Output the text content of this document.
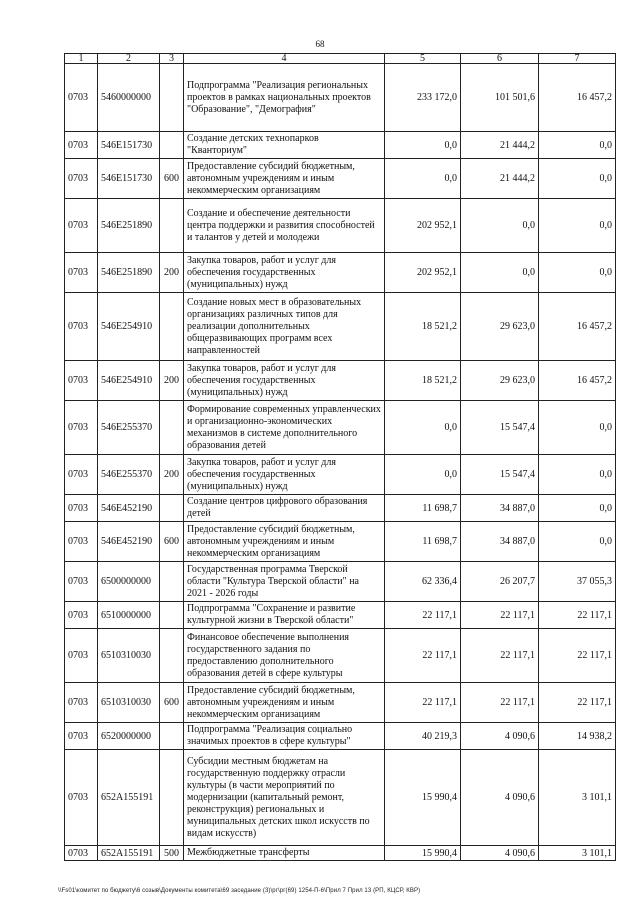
68
1	2	3	4	5	6	7
0703	5460000000		Подпрограмма "Реализация региональных проектов в рамках национальных проектов "Образование", "Демография"	233 172,0	101 501,6	16 457,2
0703	546E151730		Создание детских технопарков "Кванториум"	0,0	21 444,2	0,0
0703	546E151730	600	Предоставление субсидий бюджетным, автономным учреждениям и иным некоммерческим организациям	0,0	21 444,2	0,0
0703	546E251890		Создание и обеспечение деятельности центра поддержки и развития способностей и талантов у детей и молодежи	202 952,1	0,0	0,0
0703	546E251890	200	Закупка товаров, работ и услуг для обеспечения государственных (муниципальных) нужд	202 952,1	0,0	0,0
0703	546E254910		Создание новых мест в образовательных организациях различных типов для реализации дополнительных общеразвивающих программ всех направленностей	18 521,2	29 623,0	16 457,2
0703	546E254910	200	Закупка товаров, работ и услуг для обеспечения государственных (муниципальных) нужд	18 521,2	29 623,0	16 457,2
0703	546E255370		Формирование современных управленческих и организационно-экономических механизмов в системе дополнительного образования детей	0,0	15 547,4	0,0
0703	546E255370	200	Закупка товаров, работ и услуг для обеспечения государственных (муниципальных) нужд	0,0	15 547,4	0,0
0703	546E452190		Создание центров цифрового образования детей	11 698,7	34 887,0	0,0
0703	546E452190	600	Предоставление субсидий бюджетным, автономным учреждениям и иным некоммерческим организациям	11 698,7	34 887,0	0,0
0703	6500000000		Государственная программа Тверской области "Культура Тверской области" на 2021 - 2026 годы	62 336,4	26 207,7	37 055,3
0703	6510000000		Подпрограмма "Сохранение и развитие культурной жизни в Тверской области"	22 117,1	22 117,1	22 117,1
0703	6510310030		Финансовое обеспечение выполнения государственного задания по предоставлению дополнительного образования детей в сфере культуры	22 117,1	22 117,1	22 117,1
0703	6510310030	600	Предоставление субсидий бюджетным, автономным учреждениям и иным некоммерческим организациям	22 117,1	22 117,1	22 117,1
0703	6520000000		Подпрограмма "Реализация социально значимых проектов в сфере культуры"	40 219,3	4 090,6	14 938,2
0703	652A155191		Субсидии местным бюджетам на государственную поддержку отрасли культуры (в части мероприятий по модернизации (капитальный ремонт, реконструкция) региональных и муниципальных детских школ искусств по видам искусств)	15 990,4	4 090,6	3 101,1
0703	652A155191	500	Межбюджетные трансферты	15 990,4	4 090,6	3 101,1
\\Fs01\комитет по бюджету\6 созыв\Документы комитета\69 заседание (3)\рг\рг(69) 1254-П-6\Прил 7 Прил 13 (РП, КЦСР, КВР)
